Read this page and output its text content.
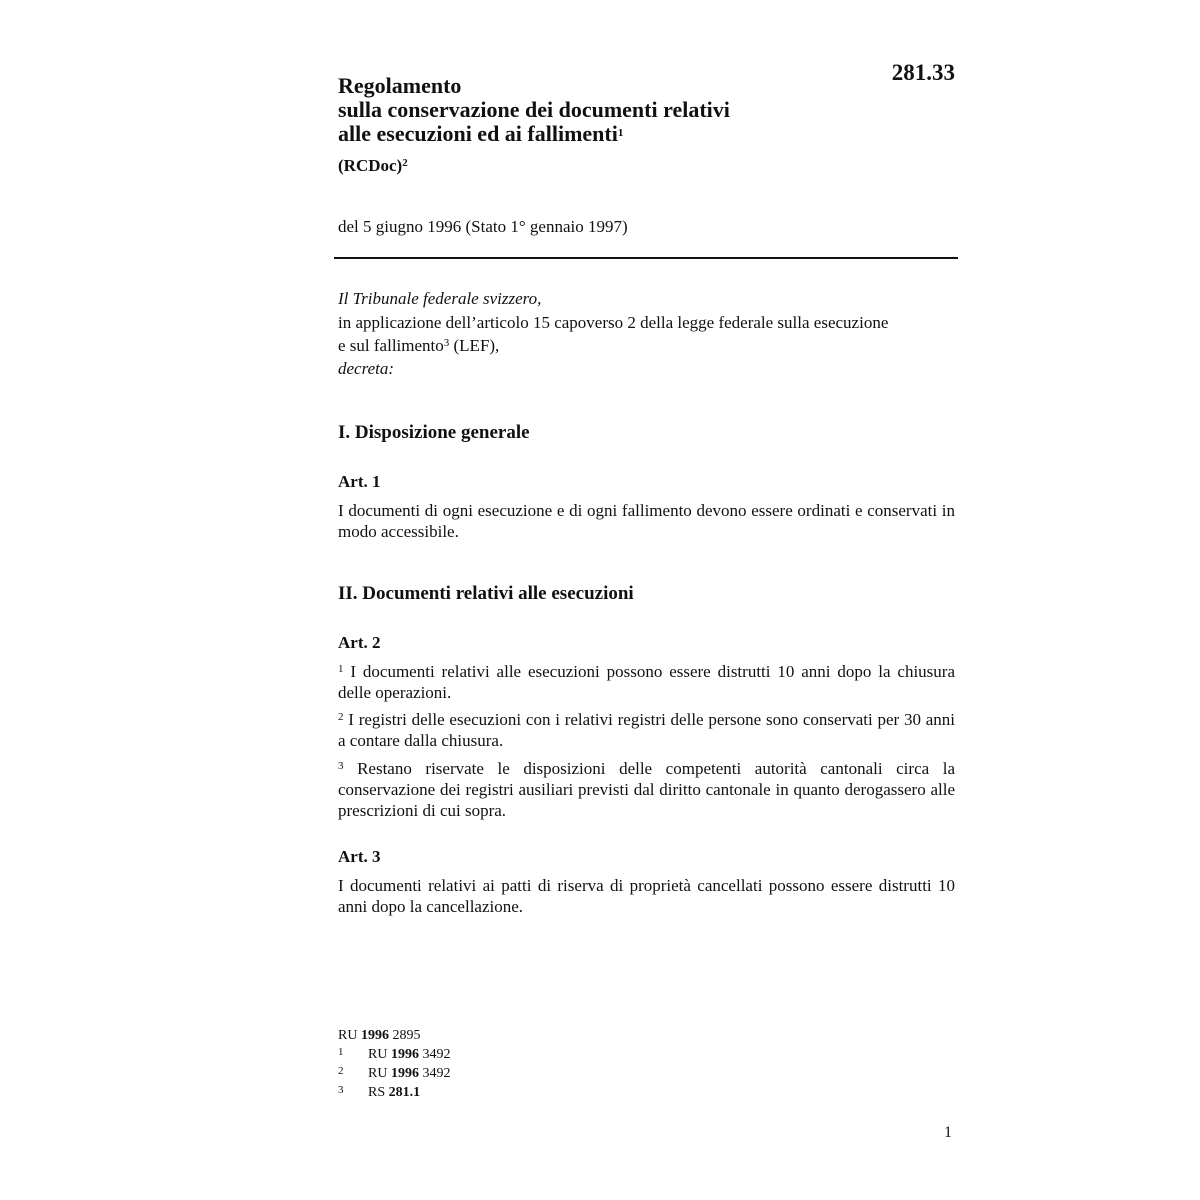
281.33
Regolamento
sulla conservazione dei documenti relativi
alle esecuzioni ed ai fallimenti$^1$
(RCDoc)$^2$
del 5 giugno 1996 (Stato 1° gennaio 1997)

Il Tribunale federale svizzero,

in applicazione dell’articolo 15 capoverso 2 della legge federale sulla esecuzione
e sul fallimento$^3$ (LEF),

decreta:

I. Disposizione generale
Art. 1

I documenti di ogni esecuzione e di ogni fallimento devono essere ordinati e conservati in modo accessibile.

II. Documenti relativi alle esecuzioni
Art. 2

$^1$ I documenti relativi alle esecuzioni possono essere distrutti 10 anni dopo la chiusura delle operazioni.

$^2$ I registri delle esecuzioni con i relativi registri delle persone sono conservati per 30 anni a contare dalla chiusura.

$^3$ Restano riservate le disposizioni delle competenti autorità cantonali circa la conservazione dei registri ausiliari previsti dal diritto cantonale in quanto derogassero alle prescrizioni di cui sopra.

Art. 3

I documenti relativi ai patti di riserva di proprietà cancellati possono essere distrutti 10 anni dopo la cancellazione.

RU 1996 2895
1 RU 1996 3492
2 RU 1996 3492
3 RS 281.1
1
